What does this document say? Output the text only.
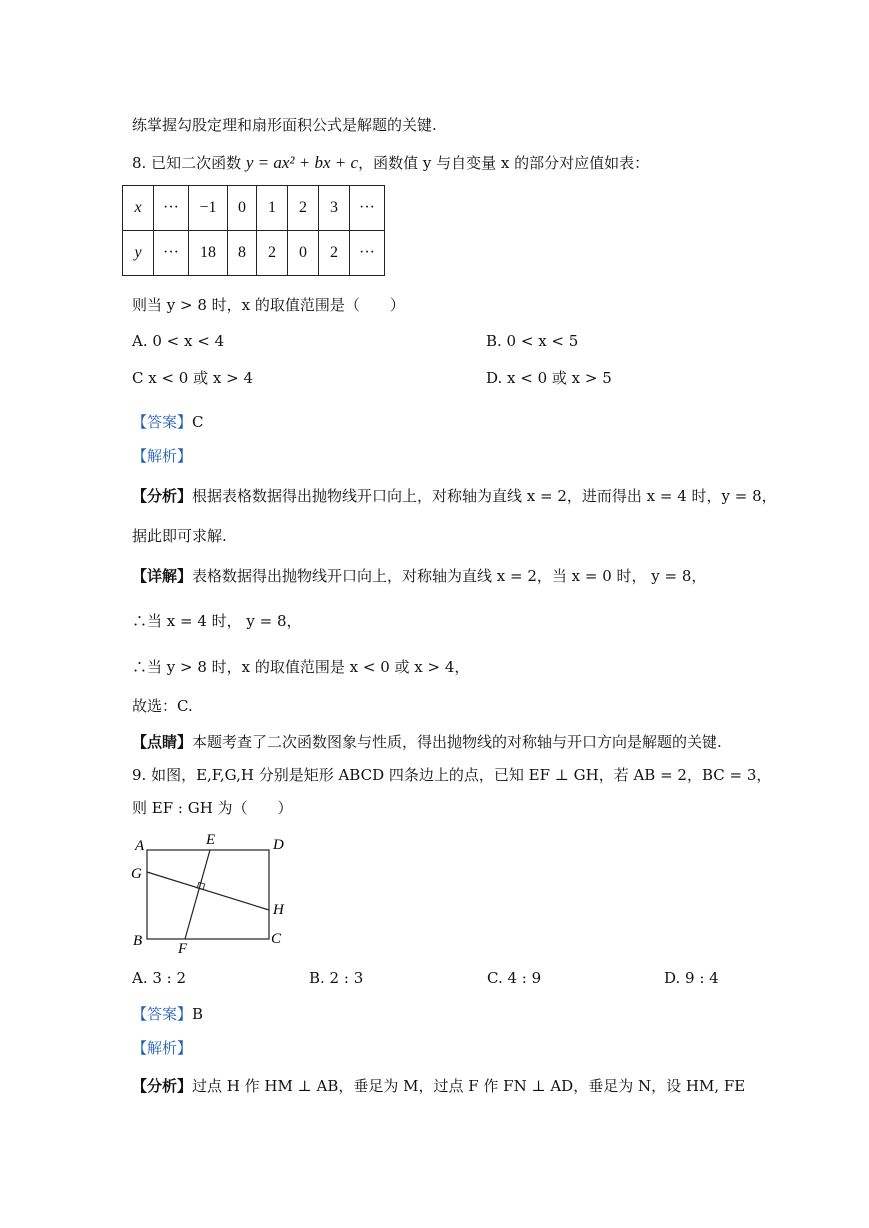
练掌握勾股定理和扇形面积公式是解题的关键.
8. 已知二次函数 y = ax² + bx + c，函数值 y 与自变量 x 的部分对应值如表：
x	···	−1	0	1	2	3	···
y	···	18	8	2	0	2	···
则当 y > 8 时，x 的取值范围是（　　）
A. 0 < x < 4	B. 0 < x < 5
C x < 0 或 x > 4	D. x < 0 或 x > 5
【答案】C
【解析】
【分析】根据表格数据得出抛物线开口向上，对称轴为直线 x = 2，进而得出 x = 4 时，y = 8，
据此即可求解.
【详解】表格数据得出抛物线开口向上，对称轴为直线 x = 2，当 x = 0 时， y = 8，
∴当 x = 4 时， y = 8，
∴当 y > 8 时，x 的取值范围是 x < 0 或 x > 4，
故选：C.
【点睛】本题考查了二次函数图象与性质，得出抛物线的对称轴与开口方向是解题的关键.
9. 如图，E,F,G,H 分别是矩形 ABCD 四条边上的点，已知 EF ⊥ GH，若 AB = 2，BC = 3，
则 EF : GH 为（　　）
A	D
E
G
H
B	C
F
A. 3 : 2	B. 2 : 3	C. 4 : 9	D. 9 : 4
【答案】B
【解析】
【分析】过点 H 作 HM ⊥ AB，垂足为 M，过点 F 作 FN ⊥ AD，垂足为 N，设 HM, FE
